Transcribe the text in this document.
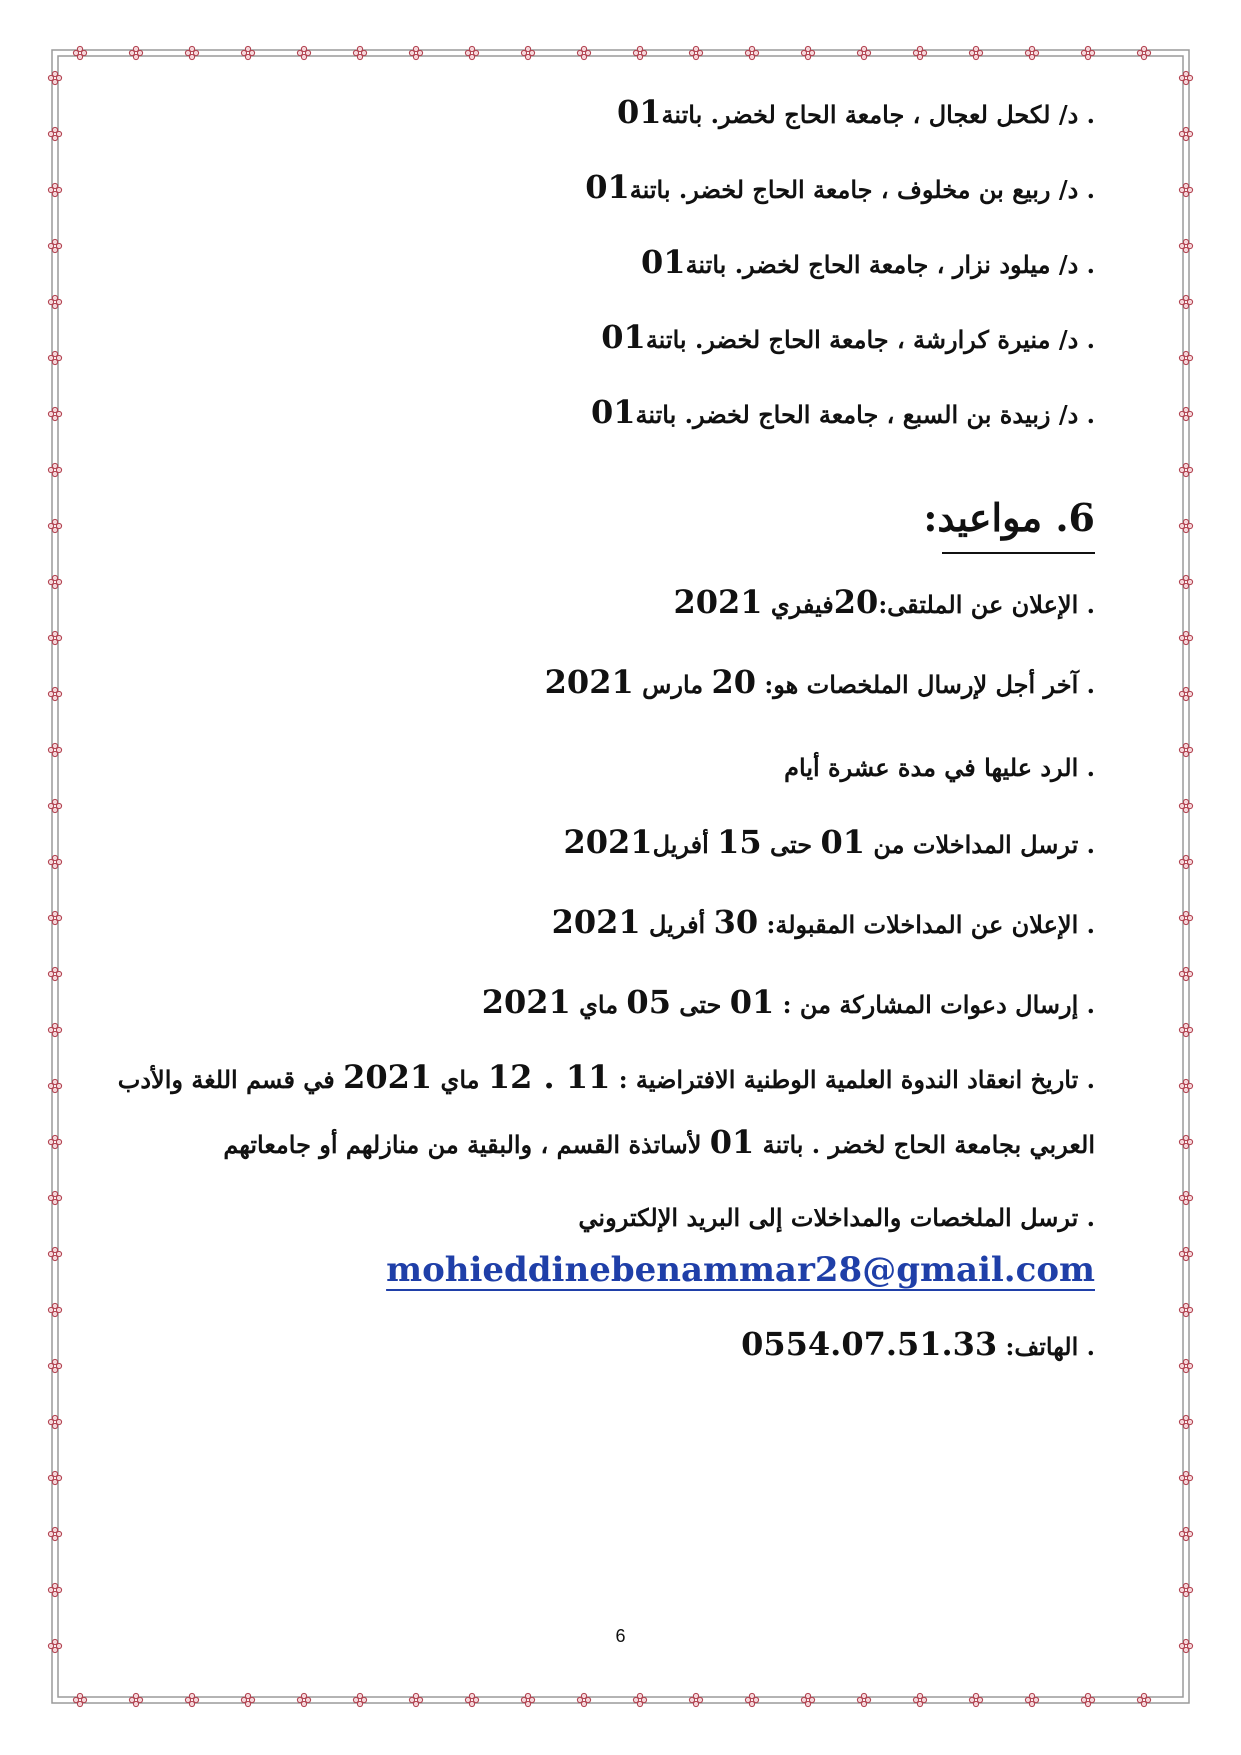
. د/ لكحل لعجال ، جامعة الحاج لخضر. باتنة01
. د/ ربيع بن مخلوف ، جامعة الحاج لخضر. باتنة01
. د/ ميلود نزار ، جامعة الحاج لخضر. باتنة01
. د/ منيرة كرارشة ، جامعة الحاج لخضر. باتنة01
. د/ زبيدة بن السبع ، جامعة الحاج لخضر. باتنة01
6. مواعيد:
. الإعلان عن الملتقى:20فيفري 2021
. آخر أجل لإرسال الملخصات هو: 20 مارس 2021
. الرد عليها في مدة عشرة أيام
. ترسل المداخلات من 01 حتى 15 أفريل2021
. الإعلان عن المداخلات المقبولة: 30 أفريل 2021
. إرسال دعوات المشاركة من : 01 حتى 05 ماي 2021
. تاريخ انعقاد الندوة العلمية الوطنية الافتراضية : 11 . 12 ماي 2021 في قسم اللغة والأدب
العربي بجامعة الحاج لخضر . باتنة 01 لأساتذة القسم ، والبقية من منازلهم أو جامعاتهم
. ترسل الملخصات والمداخلات إلى البريد الإلكتروني
mohieddinebenammar28@gmail.com
. الهاتف: 0554.07.51.33
6
